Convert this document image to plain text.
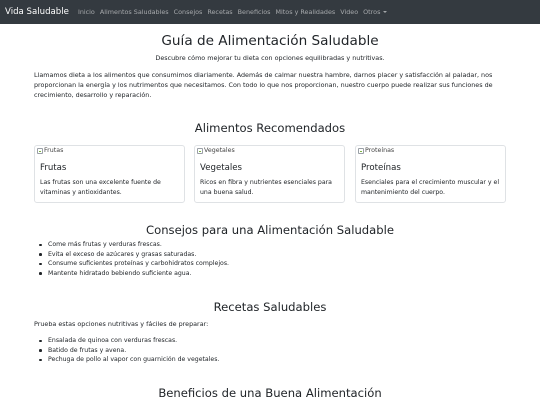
Vida Saludable Inicio Alimentos Saludables Consejos Recetas Beneficios Mitos y Realidades Video Otros
Guía de Alimentación Saludable

Descubre cómo mejorar tu dieta con opciones equilibradas y nutritivas.

Llamamos dieta a los alimentos que consumimos diariamente. Además de calmar nuestra hambre, darnos placer y satisfacción al paladar, nos proporcionan la energía y los nutrimentos que necesitamos. Con todo lo que nos proporcionan, nuestro cuerpo puede realizar sus funciones de crecimiento, desarrollo y reparación.

Alimentos Recomendados
Frutas
Frutas
Las frutas son una excelente fuente de vitaminas y antioxidantes.
Vegetales
Vegetales
Ricos en fibra y nutrientes esenciales para una buena salud.
Proteínas
Proteínas
Esenciales para el crecimiento muscular y el mantenimiento del cuerpo.
Consejos para una Alimentación Saludable
Come más frutas y verduras frescas.
Evita el exceso de azúcares y grasas saturadas.
Consume suficientes proteínas y carbohidratos complejos.
Mantente hidratado bebiendo suficiente agua.
Recetas Saludables

Prueba estas opciones nutritivas y fáciles de preparar:

Ensalada de quinoa con verduras frescas.
Batido de frutas y avena.
Pechuga de pollo al vapor con guarnición de vegetales.
Beneficios de una Buena Alimentación
